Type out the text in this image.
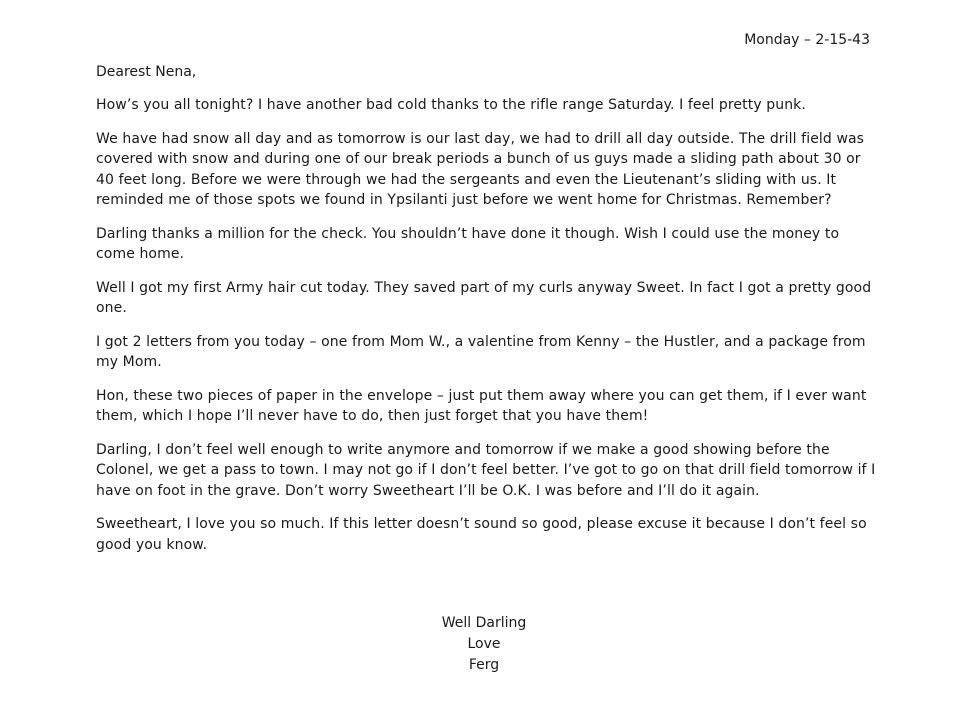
Monday – 2-15-43

Dearest Nena,

How’s you all tonight? I have another bad cold thanks to the rifle range Saturday. I feel pretty punk.

We have had snow all day and as tomorrow is our last day, we had to drill all day outside. The drill field was covered with snow and during one of our break periods a bunch of us guys made a sliding path about 30 or 40 feet long. Before we were through we had the sergeants and even the Lieutenant’s sliding with us. It reminded me of those spots we found in Ypsilanti just before we went home for Christmas. Remember?

Darling thanks a million for the check. You shouldn’t have done it though. Wish I could use the money to come home.

Well I got my first Army hair cut today. They saved part of my curls anyway Sweet. In fact I got a pretty good one.

I got 2 letters from you today – one from Mom W., a valentine from Kenny – the Hustler, and a package from my Mom.

Hon, these two pieces of paper in the envelope – just put them away where you can get them, if I ever want them, which I hope I’ll never have to do, then just forget that you have them!

Darling, I don’t feel well enough to write anymore and tomorrow if we make a good showing before the Colonel, we get a pass to town. I may not go if I don’t feel better. I’ve got to go on that drill field tomorrow if I have on foot in the grave. Don’t worry Sweetheart I’ll be O.K. I was before and I’ll do it again.

Sweetheart, I love you so much. If this letter doesn’t sound so good, please excuse it because I don’t feel so good you know.

Well Darling

Love

Ferg
